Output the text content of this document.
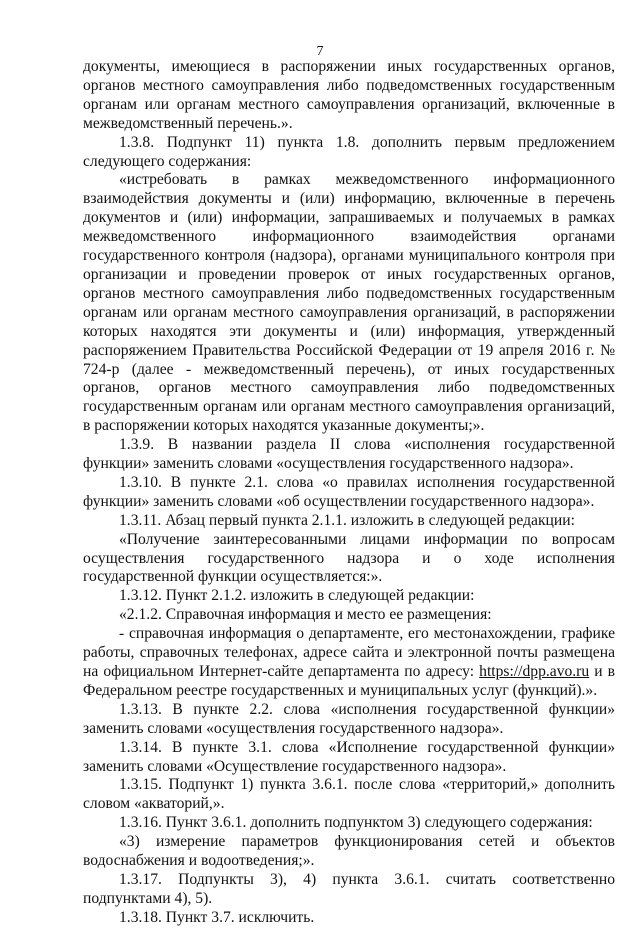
7

документы, имеющиеся в распоряжении иных государственных органов, органов местного самоуправления либо подведомственных государственным органам или органам местного самоуправления организаций, включенные в межведомственный перечень.».

1.3.8. Подпункт 11) пункта 1.8. дополнить первым предложением следующего содержания:

«истребовать в рамках межведомственного информационного взаимодействия документы и (или) информацию, включенные в перечень документов и (или) информации, запрашиваемых и получаемых в рамках межведомственного информационного взаимодействия органами государственного контроля (надзора), органами муниципального контроля при организации и проведении проверок от иных государственных органов, органов местного самоуправления либо подведомственных государственным органам или органам местного самоуправления организаций, в распоряжении которых находятся эти документы и (или) информация, утвержденный распоряжением Правительства Российской Федерации от 19 апреля 2016 г. № 724-р (далее - межведомственный перечень), от иных государственных органов, органов местного самоуправления либо подведомственных государственным органам или органам местного самоуправления организаций, в распоряжении которых находятся указанные документы;».

1.3.9. В названии раздела II слова «исполнения государственной функции» заменить словами «осуществления государственного надзора».

1.3.10. В пункте 2.1. слова «о правилах исполнения государственной функции» заменить словами «об осуществлении государственного надзора».

1.3.11. Абзац первый пункта 2.1.1. изложить в следующей редакции:

«Получение заинтересованными лицами информации по вопросам осуществления государственного надзора и о ходе исполнения государственной функции осуществляется:».

1.3.12. Пункт 2.1.2. изложить в следующей редакции:

«2.1.2. Справочная информация и место ее размещения:

- справочная информация о департаменте, его местонахождении, графике работы, справочных телефонах, адресе сайта и электронной почты размещена на официальном Интернет-сайте департамента по адресу: https://dpp.avo.ru и в Федеральном реестре государственных и муниципальных услуг (функций).».

1.3.13. В пункте 2.2. слова «исполнения государственной функции» заменить словами «осуществления государственного надзора».

1.3.14. В пункте 3.1. слова «Исполнение государственной функции» заменить словами «Осуществление государственного надзора».

1.3.15. Подпункт 1) пункта 3.6.1. после слова «территорий,» дополнить словом «акваторий,».

1.3.16. Пункт 3.6.1. дополнить подпунктом 3) следующего содержания:

«3) измерение параметров функционирования сетей и объектов водоснабжения и водоотведения;».

1.3.17. Подпункты 3), 4) пункта 3.6.1. считать соответственно подпунктами 4), 5).

1.3.18. Пункт 3.7. исключить.
